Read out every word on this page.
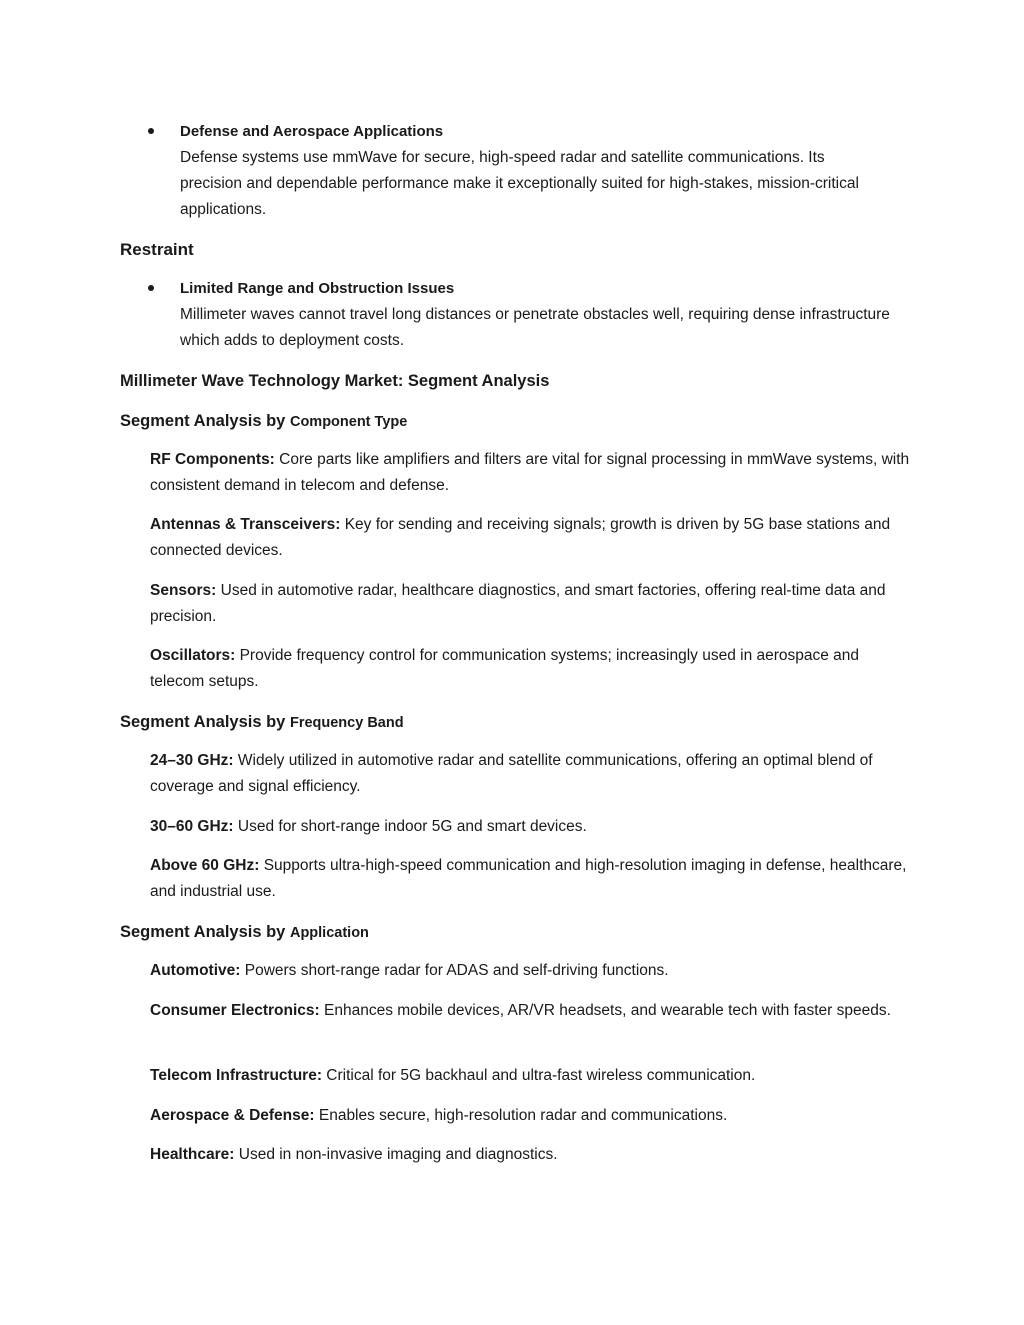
Defense and Aerospace Applications
Defense systems use mmWave for secure, high-speed radar and satellite communications. Its precision and dependable performance make it exceptionally suited for high-stakes, mission-critical applications.
Restraint
Limited Range and Obstruction Issues
Millimeter waves cannot travel long distances or penetrate obstacles well, requiring dense infrastructure which adds to deployment costs.
Millimeter Wave Technology Market: Segment Analysis
Segment Analysis by Component Type
RF Components: Core parts like amplifiers and filters are vital for signal processing in mmWave systems, with consistent demand in telecom and defense.
Antennas & Transceivers: Key for sending and receiving signals; growth is driven by 5G base stations and connected devices.
Sensors: Used in automotive radar, healthcare diagnostics, and smart factories, offering real-time data and precision.
Oscillators: Provide frequency control for communication systems; increasingly used in aerospace and telecom setups.
Segment Analysis by Frequency Band
24–30 GHz: Widely utilized in automotive radar and satellite communications, offering an optimal blend of coverage and signal efficiency.
30–60 GHz: Used for short-range indoor 5G and smart devices.
Above 60 GHz: Supports ultra-high-speed communication and high-resolution imaging in defense, healthcare, and industrial use.
Segment Analysis by Application
Automotive: Powers short-range radar for ADAS and self-driving functions.
Consumer Electronics: Enhances mobile devices, AR/VR headsets, and wearable tech with faster speeds.
Telecom Infrastructure: Critical for 5G backhaul and ultra-fast wireless communication.
Aerospace & Defense: Enables secure, high-resolution radar and communications.
Healthcare: Used in non-invasive imaging and diagnostics.
